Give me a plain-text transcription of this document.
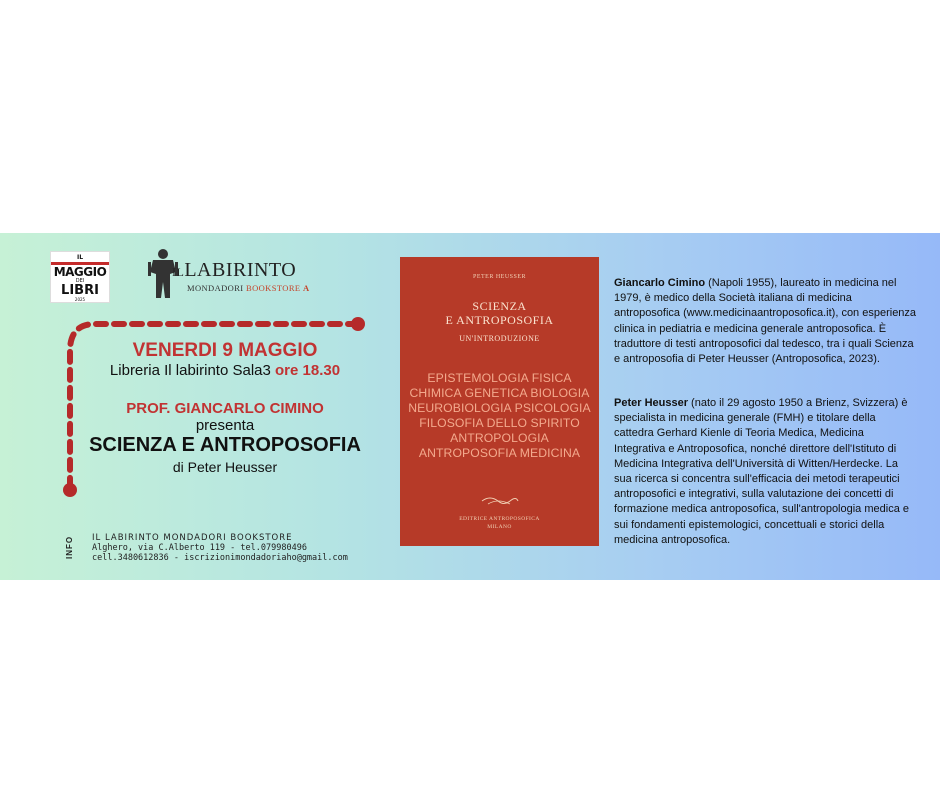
IL
MAGGIO
DEI
LIBRI
2025
ILLABIRINTO
MONDADORI BOOKSTORE A
VENERDI 9 MAGGIO
Libreria Il labirinto Sala3 ore 18.30
PROF. GIANCARLO CIMINO
presenta
SCIENZA E ANTROPOSOFIA
di Peter Heusser
INFO IL LABIRINTO MONDADORI BOOKSTORE
Alghero, via C.Alberto 119 - tel.079980496
cell.3480612836 - iscrizionimondadoriaho@gmail.com
PETER HEUSSER
SCIENZA
E ANTROPOSOFIA
UN'INTRODUZIONE
EPISTEMOLOGIA FISICA
CHIMICA GENETICA BIOLOGIA
NEUROBIOLOGIA PSICOLOGIA
FILOSOFIA DELLO SPIRITO
ANTROPOLOGIA
ANTROPOSOFIA MEDICINA
EDITRICE ANTROPOSOFICA
MILANO
Giancarlo Cimino (Napoli 1955), laureato in medicina nel 1979, è medico della Società italiana di medicina antroposofica (www.medicinaantroposofica.it), con esperienza clinica in pediatria e medicina generale antroposofica. È traduttore di testi antroposofici dal tedesco, tra i quali Scienza e antroposofia di Peter Heusser (Antroposofica, 2023).
Peter Heusser (nato il 29 agosto 1950 a Brienz, Svizzera) è specialista in medicina generale (FMH) e titolare della cattedra Gerhard Kienle di Teoria Medica, Medicina Integrativa e Antroposofica, nonché direttore dell'Istituto di Medicina Integrativa dell'Università di Witten/Herdecke. La sua ricerca si concentra sull'efficacia dei metodi terapeutici antroposofici e integrativi, sulla valutazione dei concetti di formazione medica antroposofica, sull'antropologia medica e sui fondamenti epistemologici, concettuali e storici della medicina antroposofica.
